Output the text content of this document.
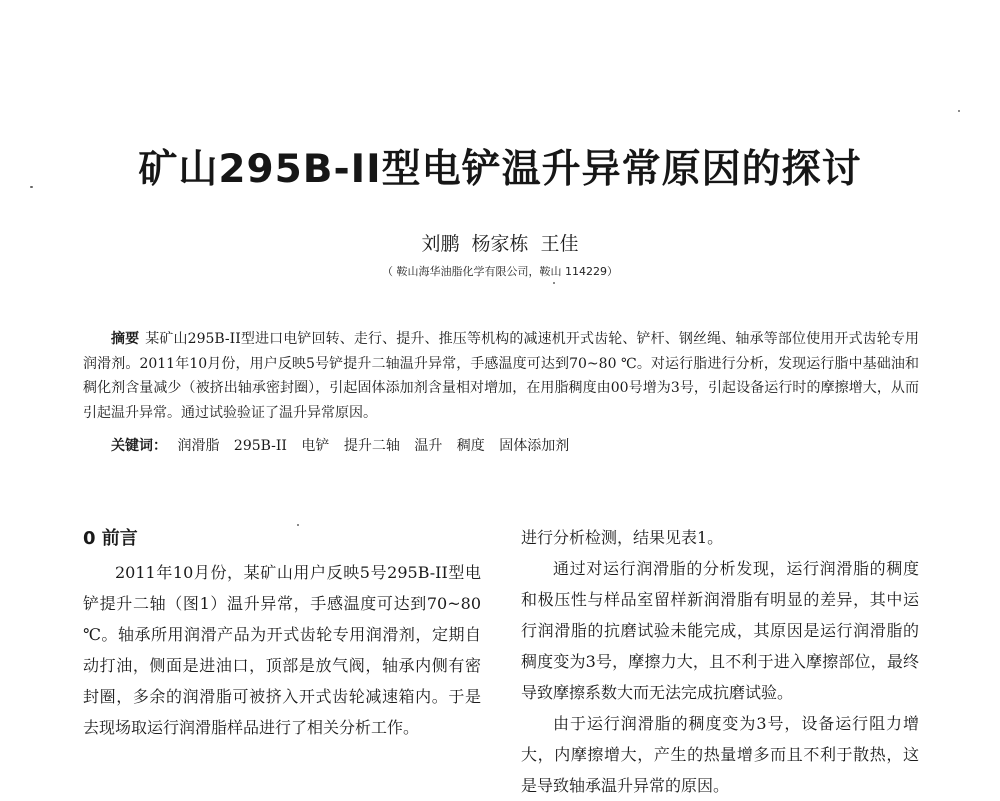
矿山295B-II型电铲温升异常原因的探讨
刘鹏 杨家栋 王佳
（ 鞍山海华油脂化学有限公司，鞍山 114229）
摘要 某矿山295B-II型进口电铲回转、走行、提升、推压等机构的减速机开式齿轮、铲杆、钢丝绳、轴承等部位使用开式齿轮专用润滑剂。2011年10月份，用户反映5号铲提升二轴温升异常，手感温度可达到70~80 ℃。对运行脂进行分析，发现运行脂中基础油和稠化剂含量减少（被挤出轴承密封圈），引起固体添加剂含量相对增加，在用脂稠度由00号增为3号，引起设备运行时的摩擦增大，从而引起温升异常。通过试验验证了温升异常原因。
关键词： 润滑脂 295B-II 电铲 提升二轴 温升 稠度 固体添加剂
0 前言

2011年10月份，某矿山用户反映5号295B-II型电铲提升二轴（图1）温升异常，手感温度可达到70~80 ℃。轴承所用润滑产品为开式齿轮专用润滑剂，定期自动打油，侧面是进油口，顶部是放气阀，轴承内侧有密封圈，多余的润滑脂可被挤入开式齿轮减速箱内。于是去现场取运行润滑脂样品进行了相关分析工作。

进行分析检测，结果见表1。

通过对运行润滑脂的分析发现，运行润滑脂的稠度和极压性与样品室留样新润滑脂有明显的差异，其中运行润滑脂的抗磨试验未能完成，其原因是运行润滑脂的稠度变为3号，摩擦力大，且不利于进入摩擦部位，最终导致摩擦系数大而无法完成抗磨试验。

由于运行润滑脂的稠度变为3号，设备运行阻力增大，内摩擦增大，产生的热量增多而且不利于散热，这是导致轴承温升异常的原因。
